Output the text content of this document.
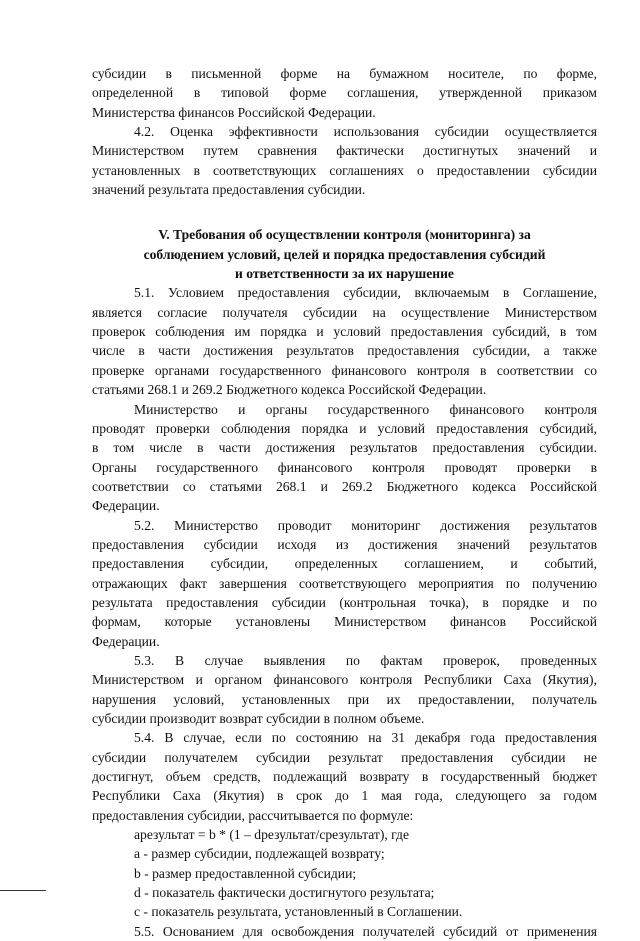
субсидии в письменной форме на бумажном носителе, по форме,
определенной в типовой форме соглашения, утвержденной приказом
Министерства финансов Российской Федерации.
4.2. Оценка эффективности использования субсидии осуществляется
Министерством путем сравнения фактически достигнутых значений и
установленных в соответствующих соглашениях о предоставлении субсидии
значений результата предоставления субсидии.
V. Требования об осуществлении контроля (мониторинга) за
соблюдением условий, целей и порядка предоставления субсидий
и ответственности за их нарушение
5.1. Условием предоставления субсидии, включаемым в Соглашение,
является согласие получателя субсидии на осуществление Министерством
проверок соблюдения им порядка и условий предоставления субсидий, в том
числе в части достижения результатов предоставления субсидии, а также
проверке органами государственного финансового контроля в соответствии со
статьями 268.1 и 269.2 Бюджетного кодекса Российской Федерации.
Министерство и органы государственного финансового контроля
проводят проверки соблюдения порядка и условий предоставления субсидий,
в том числе в части достижения результатов предоставления субсидии.
Органы государственного финансового контроля проводят проверки в
соответствии со статьями 268.1 и 269.2 Бюджетного кодекса Российской
Федерации.
5.2. Министерство проводит мониторинг достижения результатов
предоставления субсидии исходя из достижения значений результатов
предоставления субсидии, определенных соглашением, и событий,
отражающих факт завершения соответствующего мероприятия по получению
результата предоставления субсидии (контрольная точка), в порядке и по
формам, которые установлены Министерством финансов Российской
Федерации.
5.3. В случае выявления по фактам проверок, проведенных
Министерством и органом финансового контроля Республики Саха (Якутия),
нарушения условий, установленных при их предоставлении, получатель
субсидии производит возврат субсидии в полном объеме.
5.4. В случае, если по состоянию на 31 декабря года предоставления
субсидии получателем субсидии результат предоставления субсидии не
достигнут, объем средств, подлежащий возврату в государственный бюджет
Республики Саха (Якутия) в срок до 1 мая года, следующего за годом
предоставления субсидии, рассчитывается по формуле:
aрезультат = b * (1 – dрезультат/срезультат), где
a - размер субсидии, подлежащей возврату;
b - размер предоставленной субсидии;
d - показатель фактически достигнутого результата;
c - показатель результата, установленный в Соглашении.
5.5. Основанием для освобождения получателей субсидий от применения
